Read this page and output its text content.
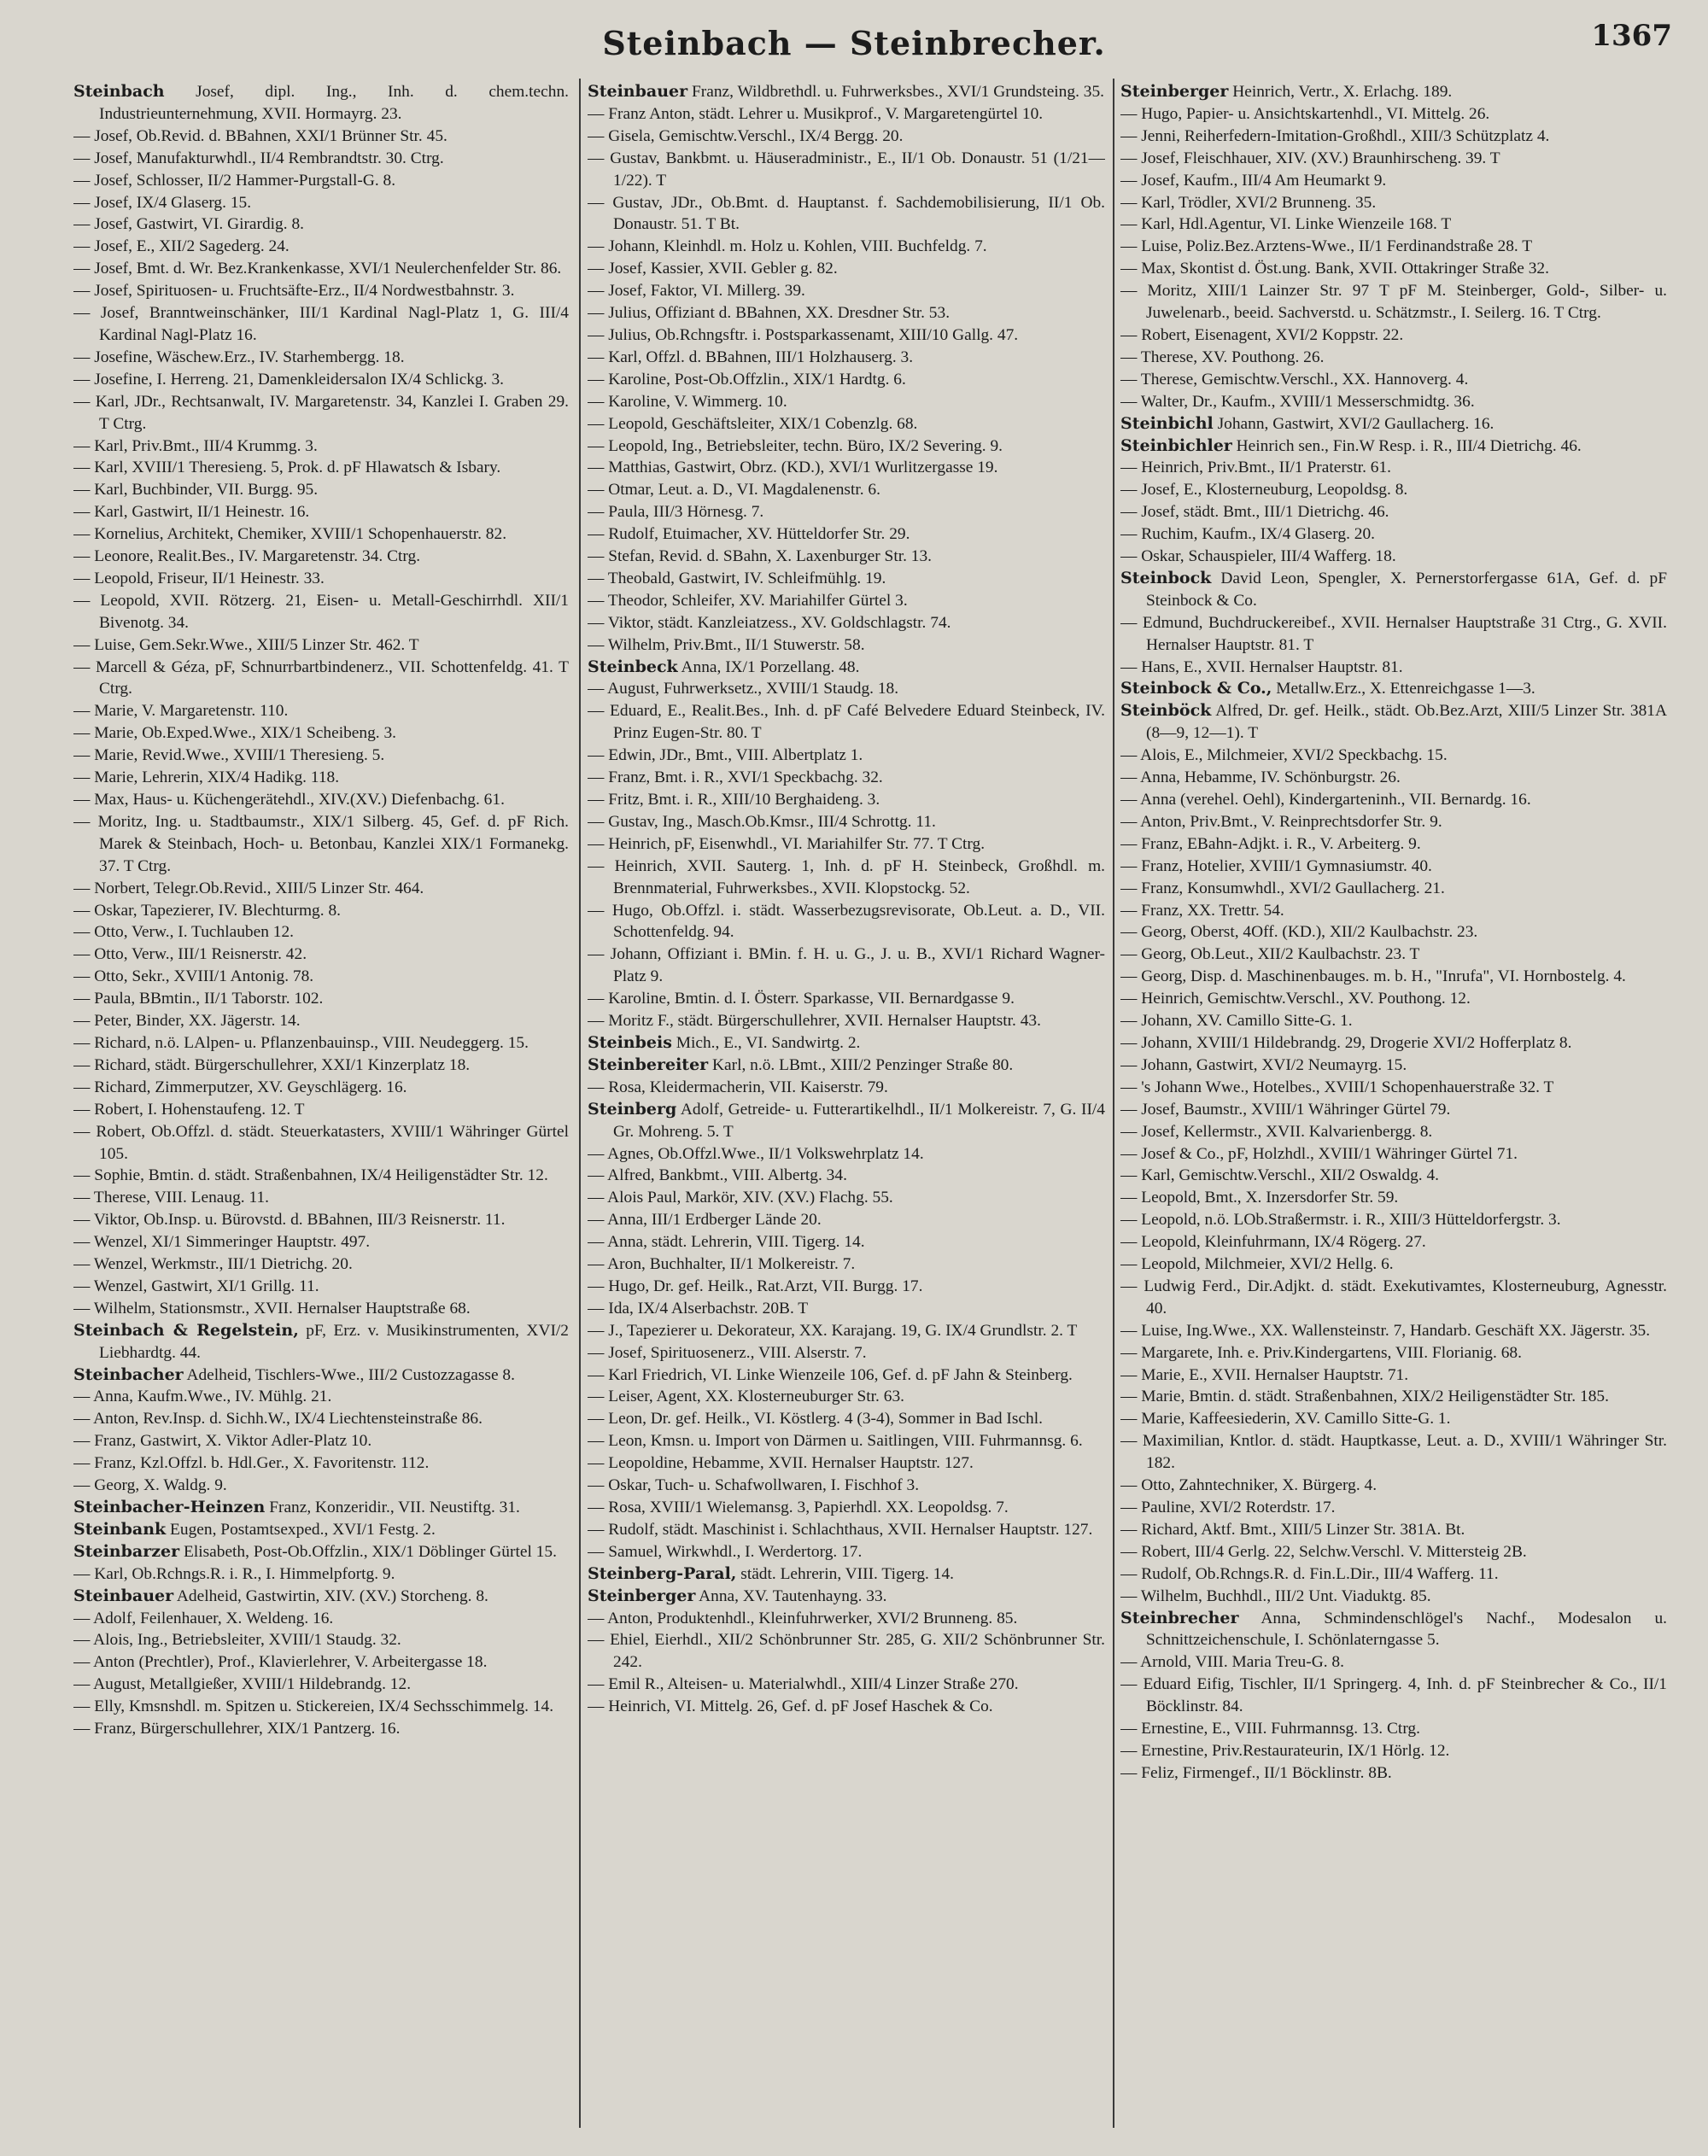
Steinbach — Steinbrecher.	1367

Steinbach Josef, dipl. Ing., Inh. d. chem.techn. Industrieunternehmung, XVII. Hormayrg. 23.

— Josef, Ob.Revid. d. BBahnen, XXI/1 Brünner Str. 45.

— Josef, Manufakturwhdl., II/4 Rembrandtstr. 30. Ctrg.

— Josef, Schlosser, II/2 Hammer-Purgstall-G. 8.

— Josef, IX/4 Glaserg. 15.

— Josef, Gastwirt, VI. Girardig. 8.

— Josef, E., XII/2 Sagederg. 24.

— Josef, Bmt. d. Wr. Bez.Krankenkasse, XVI/1 Neulerchenfelder Str. 86.

— Josef, Spirituosen- u. Fruchtsäfte-Erz., II/4 Nordwestbahnstr. 3.

— Josef, Branntweinschänker, III/1 Kardinal Nagl-Platz 1, G. III/4 Kardinal Nagl-Platz 16.

— Josefine, Wäschew.Erz., IV. Starhembergg. 18.

— Josefine, I. Herreng. 21, Damenkleidersalon IX/4 Schlickg. 3.

— Karl, JDr., Rechtsanwalt, IV. Margaretenstr. 34, Kanzlei I. Graben 29. T Ctrg.

— Karl, Priv.Bmt., III/4 Krummg. 3.

— Karl, XVIII/1 Theresieng. 5, Prok. d. pF Hlawatsch & Isbary.

— Karl, Buchbinder, VII. Burgg. 95.

— Karl, Gastwirt, II/1 Heinestr. 16.

— Kornelius, Architekt, Chemiker, XVIII/1 Schopenhauerstr. 82.

— Leonore, Realit.Bes., IV. Margaretenstr. 34. Ctrg.

— Leopold, Friseur, II/1 Heinestr. 33.

— Leopold, XVII. Rötzerg. 21, Eisen- u. Metall-Geschirrhdl. XII/1 Bivenotg. 34.

— Luise, Gem.Sekr.Wwe., XIII/5 Linzer Str. 462. T

— Marcell & Géza, pF, Schnurrbartbindenerz., VII. Schottenfeldg. 41. T Ctrg.

— Marie, V. Margaretenstr. 110.

— Marie, Ob.Exped.Wwe., XIX/1 Scheibeng. 3.

— Marie, Revid.Wwe., XVIII/1 Theresieng. 5.

— Marie, Lehrerin, XIX/4 Hadikg. 118.

— Max, Haus- u. Küchengerätehdl., XIV.(XV.) Diefenbachg. 61.

— Moritz, Ing. u. Stadtbaumstr., XIX/1 Silberg. 45, Gef. d. pF Rich. Marek & Steinbach, Hoch- u. Betonbau, Kanzlei XIX/1 Formanekg. 37. T Ctrg.

— Norbert, Telegr.Ob.Revid., XIII/5 Linzer Str. 464.

— Oskar, Tapezierer, IV. Blechturmg. 8.

— Otto, Verw., I. Tuchlauben 12.

— Otto, Verw., III/1 Reisnerstr. 42.

— Otto, Sekr., XVIII/1 Antonig. 78.

— Paula, BBmtin., II/1 Taborstr. 102.

— Peter, Binder, XX. Jägerstr. 14.

— Richard, n.ö. LAlpen- u. Pflanzenbauinsp., VIII. Neudeggerg. 15.

— Richard, städt. Bürgerschullehrer, XXI/1 Kinzerplatz 18.

— Richard, Zimmerputzer, XV. Geyschlägerg. 16.

— Robert, I. Hohenstaufeng. 12. T

— Robert, Ob.Offzl. d. städt. Steuerkatasters, XVIII/1 Währinger Gürtel 105.

— Sophie, Bmtin. d. städt. Straßenbahnen, IX/4 Heiligenstädter Str. 12.

— Therese, VIII. Lenaug. 11.

— Viktor, Ob.Insp. u. Bürovstd. d. BBahnen, III/3 Reisnerstr. 11.

— Wenzel, XI/1 Simmeringer Hauptstr. 497.

— Wenzel, Werkmstr., III/1 Dietrichg. 20.

— Wenzel, Gastwirt, XI/1 Grillg. 11.

— Wilhelm, Stationsmstr., XVII. Hernalser Hauptstraße 68.

Steinbach & Regelstein, pF, Erz. v. Musikinstrumenten, XVI/2 Liebhardtg. 44.

Steinbacher Adelheid, Tischlers-Wwe., III/2 Custozzagasse 8.

— Anna, Kaufm.Wwe., IV. Mühlg. 21.

— Anton, Rev.Insp. d. Sichh.W., IX/4 Liechtensteinstraße 86.

— Franz, Gastwirt, X. Viktor Adler-Platz 10.

— Franz, Kzl.Offzl. b. Hdl.Ger., X. Favoritenstr. 112.

— Georg, X. Waldg. 9.

Steinbacher-Heinzen Franz, Konzeridir., VII. Neustiftg. 31.

Steinbank Eugen, Postamtsexped., XVI/1 Festg. 2.

Steinbarzer Elisabeth, Post-Ob.Offzlin., XIX/1 Döblinger Gürtel 15.

— Karl, Ob.Rchngs.R. i. R., I. Himmelpfortg. 9.

Steinbauer Adelheid, Gastwirtin, XIV. (XV.) Storcheng. 8.

— Adolf, Feilenhauer, X. Weldeng. 16.

— Alois, Ing., Betriebsleiter, XVIII/1 Staudg. 32.

— Anton (Prechtler), Prof., Klavierlehrer, V. Arbeitergasse 18.

— August, Metallgießer, XVIII/1 Hildebrandg. 12.

— Elly, Kmsnshdl. m. Spitzen u. Stickereien, IX/4 Sechsschimmelg. 14.

— Franz, Bürgerschullehrer, XIX/1 Pantzerg. 16.

Steinbauer Franz, Wildbrethdl. u. Fuhrwerksbes., XVI/1 Grundsteing. 35.

— Franz Anton, städt. Lehrer u. Musikprof., V. Margaretengürtel 10.

— Gisela, Gemischtw.Verschl., IX/4 Bergg. 20.

— Gustav, Bankbmt. u. Häuseradministr., E., II/1 Ob. Donaustr. 51 (1/21—1/22). T

— Gustav, JDr., Ob.Bmt. d. Hauptanst. f. Sachdemobilisierung, II/1 Ob. Donaustr. 51. T Bt.

— Johann, Kleinhdl. m. Holz u. Kohlen, VIII. Buchfeldg. 7.

— Josef, Kassier, XVII. Gebler g. 82.

— Josef, Faktor, VI. Millerg. 39.

— Julius, Offiziant d. BBahnen, XX. Dresdner Str. 53.

— Julius, Ob.Rchngsftr. i. Postsparkassenamt, XIII/10 Gallg. 47.

— Karl, Offzl. d. BBahnen, III/1 Holzhauserg. 3.

— Karoline, Post-Ob.Offzlin., XIX/1 Hardtg. 6.

— Karoline, V. Wimmerg. 10.

— Leopold, Geschäftsleiter, XIX/1 Cobenzlg. 68.

— Leopold, Ing., Betriebsleiter, techn. Büro, IX/2 Severing. 9.

— Matthias, Gastwirt, Obrz. (KD.), XVI/1 Wurlitzergasse 19.

— Otmar, Leut. a. D., VI. Magdalenenstr. 6.

— Paula, III/3 Hörnesg. 7.

— Rudolf, Etuimacher, XV. Hütteldorfer Str. 29.

— Stefan, Revid. d. SBahn, X. Laxenburger Str. 13.

— Theobald, Gastwirt, IV. Schleifmühlg. 19.

— Theodor, Schleifer, XV. Mariahilfer Gürtel 3.

— Viktor, städt. Kanzleiatzess., XV. Goldschlagstr. 74.

— Wilhelm, Priv.Bmt., II/1 Stuwerstr. 58.

Steinbeck Anna, IX/1 Porzellang. 48.

— August, Fuhrwerksetz., XVIII/1 Staudg. 18.

— Eduard, E., Realit.Bes., Inh. d. pF Café Belvedere Eduard Steinbeck, IV. Prinz Eugen-Str. 80. T

— Edwin, JDr., Bmt., VIII. Albertplatz 1.

— Franz, Bmt. i. R., XVI/1 Speckbachg. 32.

— Fritz, Bmt. i. R., XIII/10 Berghaideng. 3.

— Gustav, Ing., Masch.Ob.Kmsr., III/4 Schrottg. 11.

— Heinrich, pF, Eisenwhdl., VI. Mariahilfer Str. 77. T Ctrg.

— Heinrich, XVII. Sauterg. 1, Inh. d. pF H. Steinbeck, Großhdl. m. Brennmaterial, Fuhrwerksbes., XVII. Klopstockg. 52.

— Hugo, Ob.Offzl. i. städt. Wasserbezugsrevisorate, Ob.Leut. a. D., VII. Schottenfeldg. 94.

— Johann, Offiziant i. BMin. f. H. u. G., J. u. B., XVI/1 Richard Wagner-Platz 9.

— Karoline, Bmtin. d. I. Österr. Sparkasse, VII. Bernardgasse 9.

— Moritz F., städt. Bürgerschullehrer, XVII. Hernalser Hauptstr. 43.

Steinbeis Mich., E., VI. Sandwirtg. 2.

Steinbereiter Karl, n.ö. LBmt., XIII/2 Penzinger Straße 80.

— Rosa, Kleidermacherin, VII. Kaiserstr. 79.

Steinberg Adolf, Getreide- u. Futterartikelhdl., II/1 Molkereistr. 7, G. II/4 Gr. Mohreng. 5. T

— Agnes, Ob.Offzl.Wwe., II/1 Volkswehrplatz 14.

— Alfred, Bankbmt., VIII. Albertg. 34.

— Alois Paul, Markör, XIV. (XV.) Flachg. 55.

— Anna, III/1 Erdberger Lände 20.

— Anna, städt. Lehrerin, VIII. Tigerg. 14.

— Aron, Buchhalter, II/1 Molkereistr. 7.

— Hugo, Dr. gef. Heilk., Rat.Arzt, VII. Burgg. 17.

— Ida, IX/4 Alserbachstr. 20B. T

— J., Tapezierer u. Dekorateur, XX. Karajang. 19, G. IX/4 Grundlstr. 2. T

— Josef, Spirituosenerz., VIII. Alserstr. 7.

— Karl Friedrich, VI. Linke Wienzeile 106, Gef. d. pF Jahn & Steinberg.

— Leiser, Agent, XX. Klosterneuburger Str. 63.

— Leon, Dr. gef. Heilk., VI. Köstlerg. 4 (3-4), Sommer in Bad Ischl.

— Leon, Kmsn. u. Import von Därmen u. Saitlingen, VIII. Fuhrmannsg. 6.

— Leopoldine, Hebamme, XVII. Hernalser Hauptstr. 127.

— Oskar, Tuch- u. Schafwollwaren, I. Fischhof 3.

— Rosa, XVIII/1 Wielemansg. 3, Papierhdl. XX. Leopoldsg. 7.

— Rudolf, städt. Maschinist i. Schlachthaus, XVII. Hernalser Hauptstr. 127.

— Samuel, Wirkwhdl., I. Werdertorg. 17.

Steinberg-Paral, städt. Lehrerin, VIII. Tigerg. 14.

Steinberger Anna, XV. Tautenhayng. 33.

— Anton, Produktenhdl., Kleinfuhrwerker, XVI/2 Brunneng. 85.

— Ehiel, Eierhdl., XII/2 Schönbrunner Str. 285, G. XII/2 Schönbrunner Str. 242.

— Emil R., Alteisen- u. Materialwhdl., XIII/4 Linzer Straße 270.

— Heinrich, VI. Mittelg. 26, Gef. d. pF Josef Haschek & Co.

Steinberger Heinrich, Vertr., X. Erlachg. 189.

— Hugo, Papier- u. Ansichtskartenhdl., VI. Mittelg. 26.

— Jenni, Reiherfedern-Imitation-Großhdl., XIII/3 Schützplatz 4.

— Josef, Fleischhauer, XIV. (XV.) Braunhirscheng. 39. T

— Josef, Kaufm., III/4 Am Heumarkt 9.

— Karl, Trödler, XVI/2 Brunneng. 35.

— Karl, Hdl.Agentur, VI. Linke Wienzeile 168. T

— Luise, Poliz.Bez.Arztens-Wwe., II/1 Ferdinandstraße 28. T

— Max, Skontist d. Öst.ung. Bank, XVII. Ottakringer Straße 32.

— Moritz, XIII/1 Lainzer Str. 97 T pF M. Steinberger, Gold-, Silber- u. Juwelenarb., beeid. Sachverstd. u. Schätzmstr., I. Seilerg. 16. T Ctrg.

— Robert, Eisenagent, XVI/2 Koppstr. 22.

— Therese, XV. Pouthong. 26.

— Therese, Gemischtw.Verschl., XX. Hannoverg. 4.

— Walter, Dr., Kaufm., XVIII/1 Messerschmidtg. 36.

Steinbichl Johann, Gastwirt, XVI/2 Gaullacherg. 16.

Steinbichler Heinrich sen., Fin.W Resp. i. R., III/4 Dietrichg. 46.

— Heinrich, Priv.Bmt., II/1 Praterstr. 61.

— Josef, E., Klosterneuburg, Leopoldsg. 8.

— Josef, städt. Bmt., III/1 Dietrichg. 46.

— Ruchim, Kaufm., IX/4 Glaserg. 20.

— Oskar, Schauspieler, III/4 Wafferg. 18.

Steinbock David Leon, Spengler, X. Pernerstorfergasse 61A, Gef. d. pF Steinbock & Co.

— Edmund, Buchdruckereibef., XVII. Hernalser Hauptstraße 31 Ctrg., G. XVII. Hernalser Hauptstr. 81. T

— Hans, E., XVII. Hernalser Hauptstr. 81.

Steinbock & Co., Metallw.Erz., X. Ettenreichgasse 1—3.

Steinböck Alfred, Dr. gef. Heilk., städt. Ob.Bez.Arzt, XIII/5 Linzer Str. 381A (8—9, 12—1). T

— Alois, E., Milchmeier, XVI/2 Speckbachg. 15.

— Anna, Hebamme, IV. Schönburgstr. 26.

— Anna (verehel. Oehl), Kindergarteninh., VII. Bernardg. 16.

— Anton, Priv.Bmt., V. Reinprechtsdorfer Str. 9.

— Franz, EBahn-Adjkt. i. R., V. Arbeiterg. 9.

— Franz, Hotelier, XVIII/1 Gymnasiumstr. 40.

— Franz, Konsumwhdl., XVI/2 Gaullacherg. 21.

— Franz, XX. Trettr. 54.

— Georg, Oberst, 4Off. (KD.), XII/2 Kaulbachstr. 23.

— Georg, Ob.Leut., XII/2 Kaulbachstr. 23. T

— Georg, Disp. d. Maschinenbauges. m. b. H., "Inrufa", VI. Hornbostelg. 4.

— Heinrich, Gemischtw.Verschl., XV. Pouthong. 12.

— Johann, XV. Camillo Sitte-G. 1.

— Johann, XVIII/1 Hildebrandg. 29, Drogerie XVI/2 Hofferplatz 8.

— Johann, Gastwirt, XVI/2 Neumayrg. 15.

— 's Johann Wwe., Hotelbes., XVIII/1 Schopenhauerstraße 32. T

— Josef, Baumstr., XVIII/1 Währinger Gürtel 79.

— Josef, Kellermstr., XVII. Kalvarienbergg. 8.

— Josef & Co., pF, Holzhdl., XVIII/1 Währinger Gürtel 71.

— Karl, Gemischtw.Verschl., XII/2 Oswaldg. 4.

— Leopold, Bmt., X. Inzersdorfer Str. 59.

— Leopold, n.ö. LOb.Straßermstr. i. R., XIII/3 Hütteldorfergstr. 3.

— Leopold, Kleinfuhrmann, IX/4 Rögerg. 27.

— Leopold, Milchmeier, XVI/2 Hellg. 6.

— Ludwig Ferd., Dir.Adjkt. d. städt. Exekutivamtes, Klosterneuburg, Agnesstr. 40.

— Luise, Ing.Wwe., XX. Wallensteinstr. 7, Handarb. Geschäft XX. Jägerstr. 35.

— Margarete, Inh. e. Priv.Kindergartens, VIII. Florianig. 68.

— Marie, E., XVII. Hernalser Hauptstr. 71.

— Marie, Bmtin. d. städt. Straßenbahnen, XIX/2 Heiligenstädter Str. 185.

— Marie, Kaffeesiederin, XV. Camillo Sitte-G. 1.

— Maximilian, Kntlor. d. städt. Hauptkasse, Leut. a. D., XVIII/1 Währinger Str. 182.

— Otto, Zahntechniker, X. Bürgerg. 4.

— Pauline, XVI/2 Roterdstr. 17.

— Richard, Aktf. Bmt., XIII/5 Linzer Str. 381A. Bt.

— Robert, III/4 Gerlg. 22, Selchw.Verschl. V. Mittersteig 2B.

— Rudolf, Ob.Rchngs.R. d. Fin.L.Dir., III/4 Wafferg. 11.

— Wilhelm, Buchhdl., III/2 Unt. Viaduktg. 85.

Steinbrecher Anna, Schmindenschlögel's Nachf., Modesalon u. Schnittzeichenschule, I. Schönlaterngasse 5.

— Arnold, VIII. Maria Treu-G. 8.

— Eduard Eifig, Tischler, II/1 Springerg. 4, Inh. d. pF Steinbrecher & Co., II/1 Böcklinstr. 84.

— Ernestine, E., VIII. Fuhrmannsg. 13. Ctrg.

— Ernestine, Priv.Restaurateurin, IX/1 Hörlg. 12.

— Feliz, Firmengef., II/1 Böcklinstr. 8B.
